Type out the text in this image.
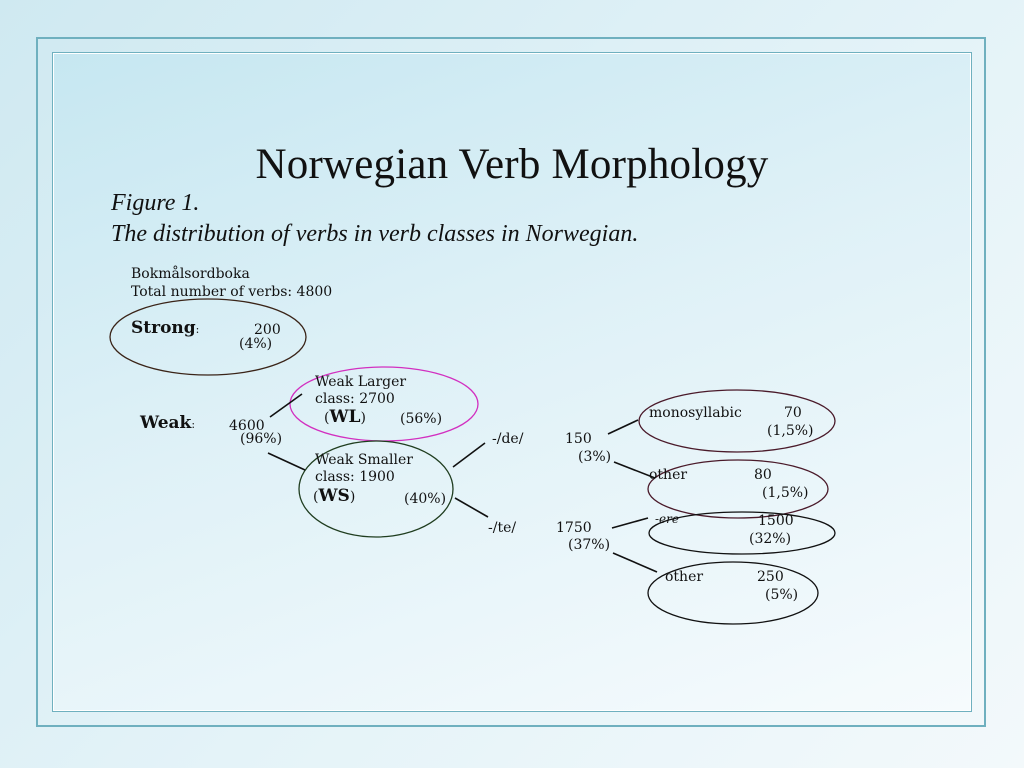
Norwegian Verb Morphology
Figure 1.
The distribution of verbs in verb classes in Norwegian.
Bokmålsordboka
Total number of verbs: 4800
Strong:	200
(4%)
Weak: 4600
(96%)
Weak Larger
class: 2700
(WL) (56%)
Weak Smaller
class: 1900
(WS)	(40%)
-/de/	150
(3%)
-/te/	1750
(37%)
monosyllabic	70
(1,5%)
other	80
(1,5%)
-ere	1500
(32%)
other	250
(5%)
